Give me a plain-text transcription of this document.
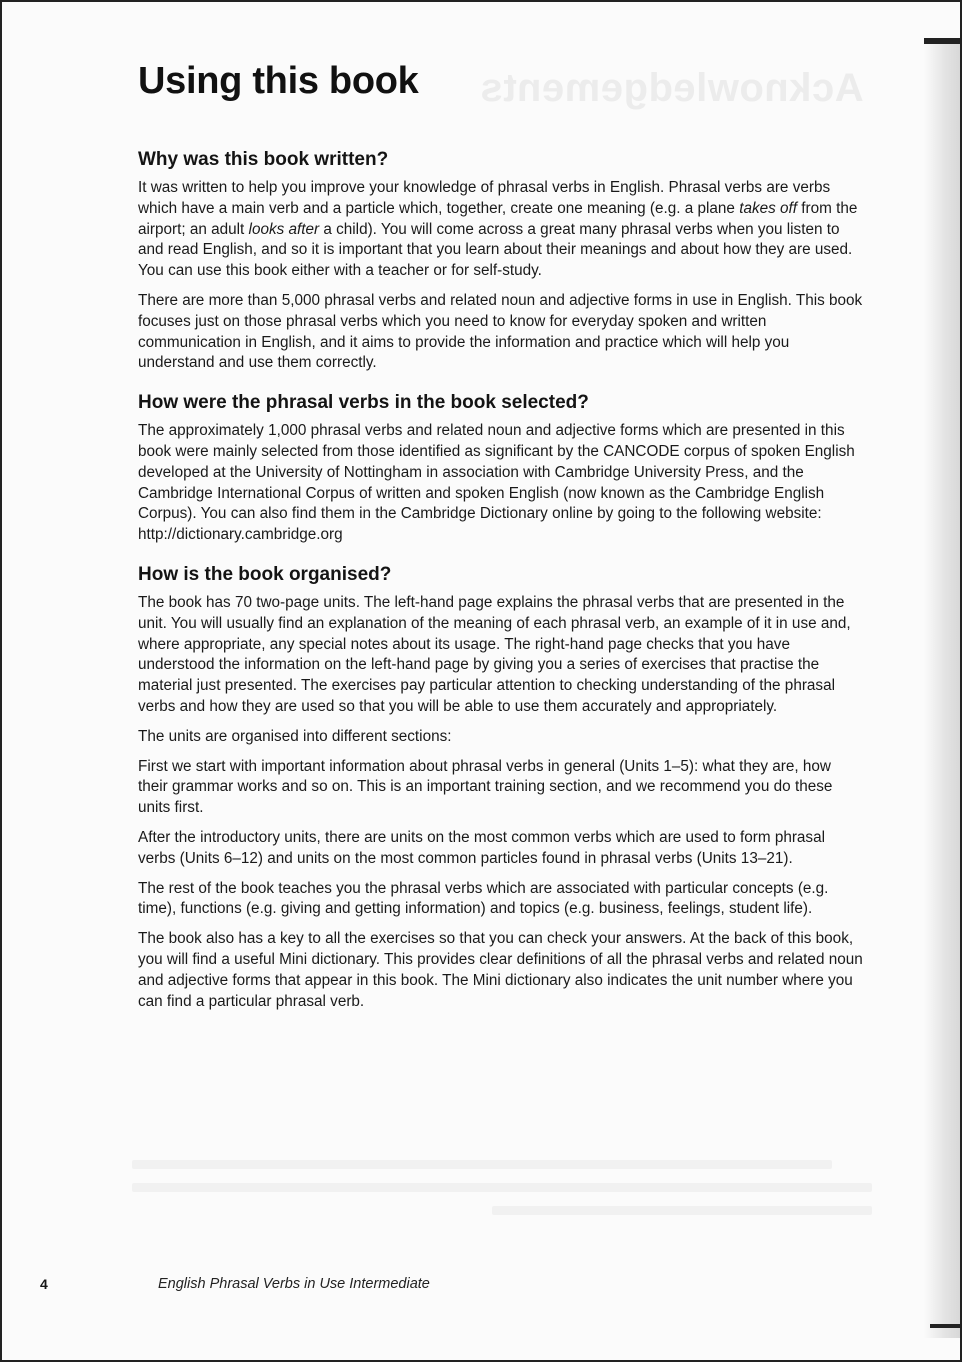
Acknowledgements
Using this book
Why was this book written?

It was written to help you improve your knowledge of phrasal verbs in English. Phrasal verbs are verbs which have a main verb and a particle which, together, create one meaning (e.g. a plane takes off from the airport; an adult looks after a child). You will come across a great many phrasal verbs when you listen to and read English, and so it is important that you learn about their meanings and about how they are used. You can use this book either with a teacher or for self-study.

There are more than 5,000 phrasal verbs and related noun and adjective forms in use in English. This book focuses just on those phrasal verbs which you need to know for everyday spoken and written communication in English, and it aims to provide the information and practice which will help you understand and use them correctly.

How were the phrasal verbs in the book selected?

The approximately 1,000 phrasal verbs and related noun and adjective forms which are presented in this book were mainly selected from those identified as significant by the CANCODE corpus of spoken English developed at the University of Nottingham in association with Cambridge University Press, and the Cambridge International Corpus of written and spoken English (now known as the Cambridge English Corpus). You can also find them in the Cambridge Dictionary online by going to the following website: http://dictionary.cambridge.org

How is the book organised?

The book has 70 two-page units. The left-hand page explains the phrasal verbs that are presented in the unit. You will usually find an explanation of the meaning of each phrasal verb, an example of it in use and, where appropriate, any special notes about its usage. The right-hand page checks that you have understood the information on the left-hand page by giving you a series of exercises that practise the material just presented. The exercises pay particular attention to checking understanding of the phrasal verbs and how they are used so that you will be able to use them accurately and appropriately.

The units are organised into different sections:

First we start with important information about phrasal verbs in general (Units 1–5): what they are, how their grammar works and so on. This is an important training section, and we recommend you do these units first.

After the introductory units, there are units on the most common verbs which are used to form phrasal verbs (Units 6–12) and units on the most common particles found in phrasal verbs (Units 13–21).

The rest of the book teaches you the phrasal verbs which are associated with particular concepts (e.g. time), functions (e.g. giving and getting information) and topics (e.g. business, feelings, student life).

The book also has a key to all the exercises so that you can check your answers. At the back of this book, you will find a useful Mini dictionary. This provides clear definitions of all the phrasal verbs and related noun and adjective forms that appear in this book. The Mini dictionary also indicates the unit number where you can find a particular phrasal verb.

4	English Phrasal Verbs in Use Intermediate
